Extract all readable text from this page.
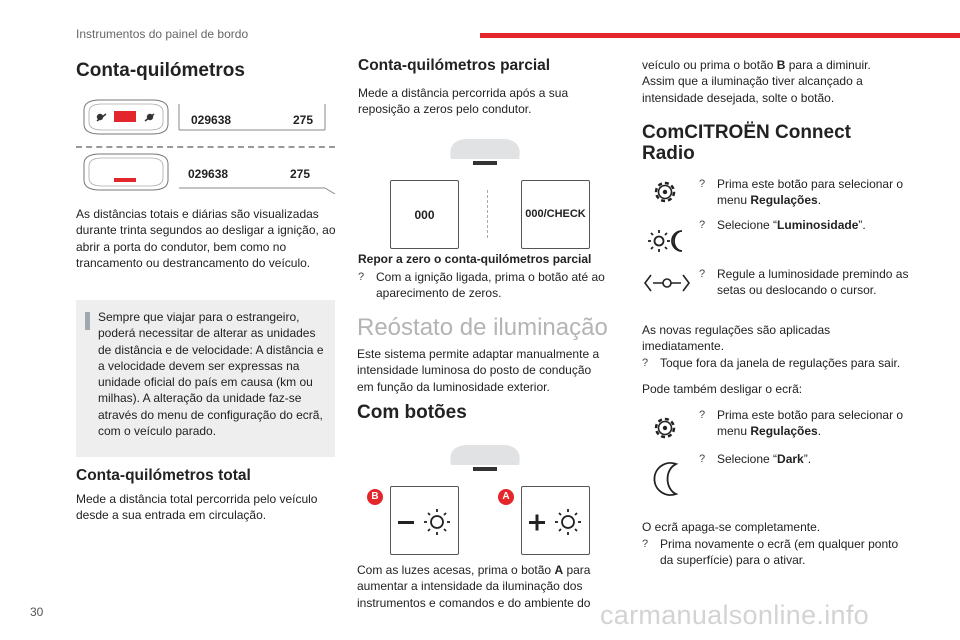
Instrumentos do painel de bordo
Conta-quilómetros
029638	275
029638	275
As distâncias totais e diárias são visualizadas durante trinta segundos ao desligar a ignição, ao abrir a porta do condutor, bem como no trancamento ou destrancamento do veículo.
Sempre que viajar para o estrangeiro, poderá necessitar de alterar as unidades de distância e de velocidade: A distância e a velocidade devem ser expressas na unidade oficial do país em causa (km ou milhas). A alteração da unidade faz-se através do menu de configuração do ecrã, com o veículo parado.
Conta-quilómetros total
Mede a distância total percorrida pelo veículo desde a sua entrada em circulação.
30
Conta-quilómetros parcial
Mede a distância percorrida após a sua reposição a zeros pelo condutor.
000	000/CHECK
Repor a zero o conta-quilómetros parcial
? Com a ignição ligada, prima o botão até ao aparecimento de zeros.
Reóstato de iluminação
Este sistema permite adaptar manualmente a intensidade luminosa do posto de condução em função da luminosidade exterior.
Com botões
B	A
Com as luzes acesas, prima o botão A para aumentar a intensidade da iluminação dos instrumentos e comandos e do ambiente do
veículo ou prima o botão B para a diminuir. Assim que a iluminação tiver alcançado a intensidade desejada, solte o botão.
ComCITROËN Connect
Radio
? Prima este botão para selecionar o menu Regulações.
? Selecione “Luminosidade”.
? Regule a luminosidade premindo as setas ou deslocando o cursor.
As novas regulações são aplicadas imediatamente.
? Toque fora da janela de regulações para sair.
Pode também desligar o ecrã:
? Prima este botão para selecionar o menu Regulações.
? Selecione “Dark”.
O ecrã apaga-se completamente.
? Prima novamente o ecrã (em qualquer ponto da superfície) para o ativar.
carmanualsonline.info
